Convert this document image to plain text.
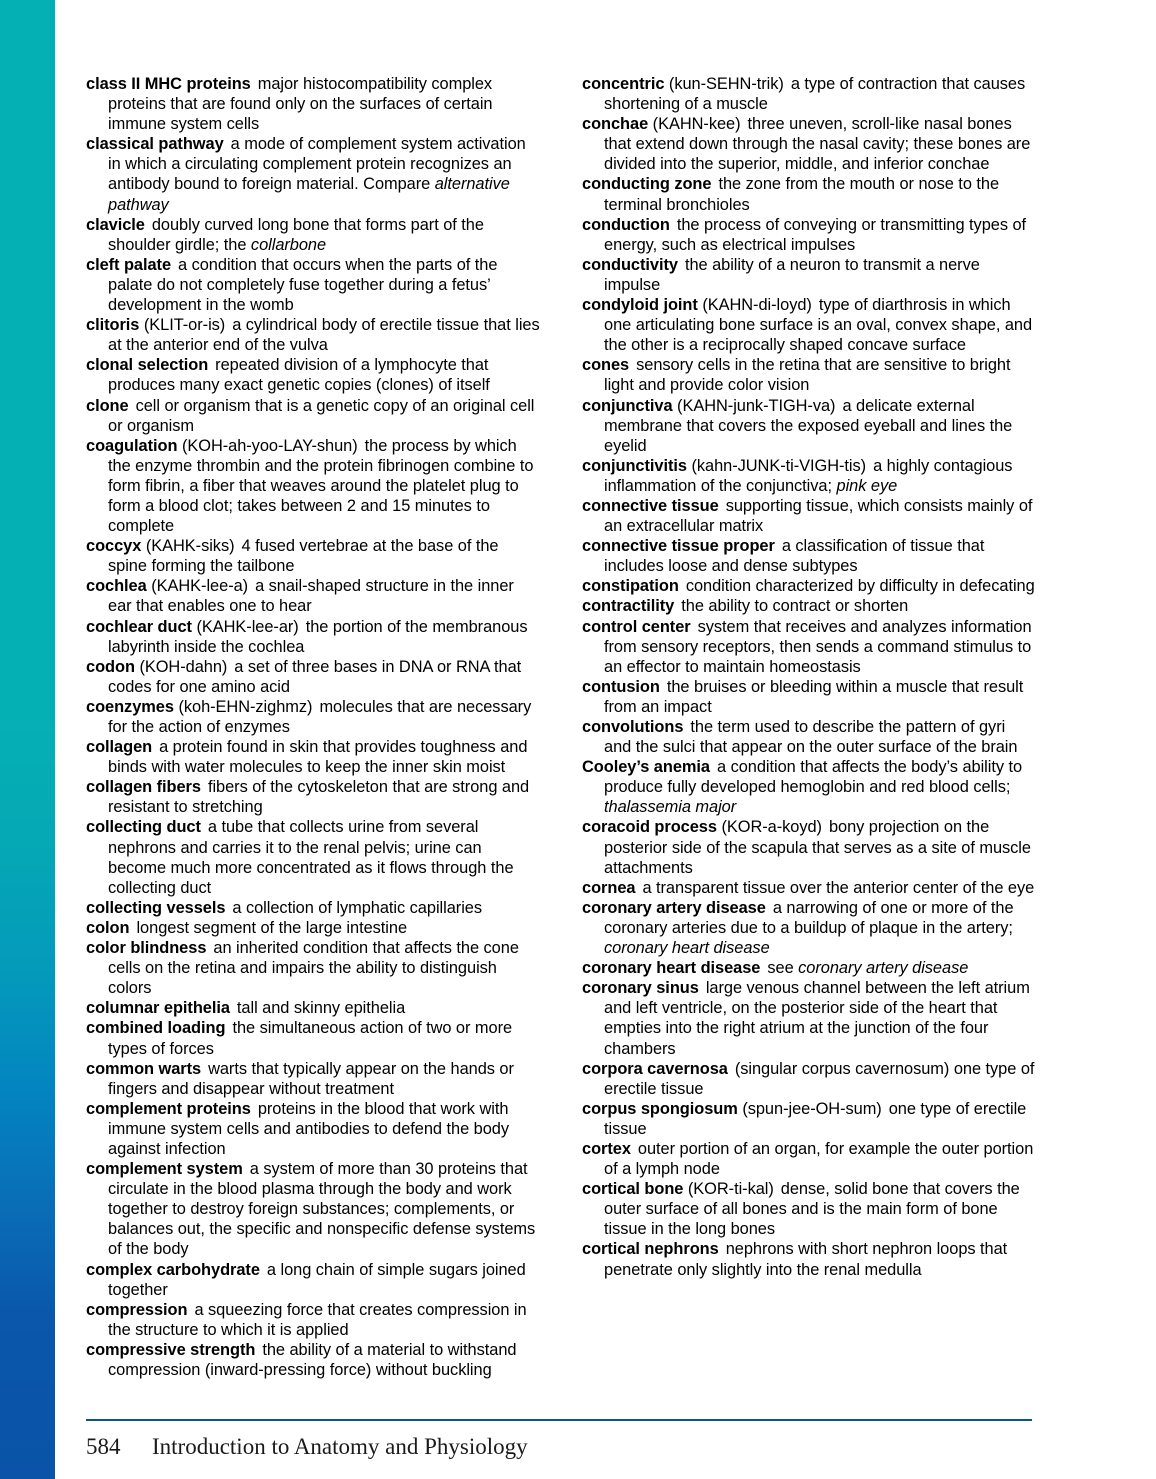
class II MHC proteins major histocompatibility complex proteins that are found only on the surfaces of certain immune system cells

classical pathway a mode of complement system activation in which a circulating complement protein recognizes an antibody bound to foreign material. Compare alternative pathway

clavicle doubly curved long bone that forms part of the shoulder girdle; the collarbone

cleft palate a condition that occurs when the parts of the palate do not completely fuse together during a fetus’ development in the womb

clitoris (KLIT-or-is) a cylindrical body of erectile tissue that lies at the anterior end of the vulva

clonal selection repeated division of a lymphocyte that produces many exact genetic copies (clones) of itself

clone cell or organism that is a genetic copy of an original cell or organism

coagulation (KOH-ah-yoo-LAY-shun) the process by which the enzyme thrombin and the protein fibrinogen combine to form fibrin, a fiber that weaves around the platelet plug to form a blood clot; takes between 2 and 15 minutes to complete

coccyx (KAHK-siks) 4 fused vertebrae at the base of the spine forming the tailbone

cochlea (KAHK-lee-a) a snail-shaped structure in the inner ear that enables one to hear

cochlear duct (KAHK-lee-ar) the portion of the membranous labyrinth inside the cochlea

codon (KOH-dahn) a set of three bases in DNA or RNA that codes for one amino acid

coenzymes (koh-EHN-zighmz) molecules that are necessary for the action of enzymes

collagen a protein found in skin that provides toughness and binds with water molecules to keep the inner skin moist

collagen fibers fibers of the cytoskeleton that are strong and resistant to stretching

collecting duct a tube that collects urine from several nephrons and carries it to the renal pelvis; urine can become much more concentrated as it flows through the collecting duct

collecting vessels a collection of lymphatic capillaries

colon longest segment of the large intestine

color blindness an inherited condition that affects the cone cells on the retina and impairs the ability to distinguish colors

columnar epithelia tall and skinny epithelia

combined loading the simultaneous action of two or more types of forces

common warts warts that typically appear on the hands or fingers and disappear without treatment

complement proteins proteins in the blood that work with immune system cells and antibodies to defend the body against infection

complement system a system of more than 30 proteins that circulate in the blood plasma through the body and work together to destroy foreign substances; complements, or balances out, the specific and nonspecific defense systems of the body

complex carbohydrate a long chain of simple sugars joined together

compression a squeezing force that creates compression in the structure to which it is applied

compressive strength the ability of a material to withstand compression (inward-pressing force) without buckling

concentric (kun-SEHN-trik) a type of contraction that causes shortening of a muscle

conchae (KAHN-kee) three uneven, scroll-like nasal bones that extend down through the nasal cavity; these bones are divided into the superior, middle, and inferior conchae

conducting zone the zone from the mouth or nose to the terminal bronchioles

conduction the process of conveying or transmitting types of energy, such as electrical impulses

conductivity the ability of a neuron to transmit a nerve impulse

condyloid joint (KAHN-di-loyd) type of diarthrosis in which one articulating bone surface is an oval, convex shape, and the other is a reciprocally shaped concave surface

cones sensory cells in the retina that are sensitive to bright light and provide color vision

conjunctiva (KAHN-junk-TIGH-va) a delicate external membrane that covers the exposed eyeball and lines the eyelid

conjunctivitis (kahn-JUNK-ti-VIGH-tis) a highly contagious inflammation of the conjunctiva; pink eye

connective tissue supporting tissue, which consists mainly of an extracellular matrix

connective tissue proper a classification of tissue that includes loose and dense subtypes

constipation condition characterized by difficulty in defecating

contractility the ability to contract or shorten

control center system that receives and analyzes information from sensory receptors, then sends a command stimulus to an effector to maintain homeostasis

contusion the bruises or bleeding within a muscle that result from an impact

convolutions the term used to describe the pattern of gyri and the sulci that appear on the outer surface of the brain

Cooley’s anemia a condition that affects the body’s ability to produce fully developed hemoglobin and red blood cells; thalassemia major

coracoid process (KOR-a-koyd) bony projection on the posterior side of the scapula that serves as a site of muscle attachments

cornea a transparent tissue over the anterior center of the eye

coronary artery disease a narrowing of one or more of the coronary arteries due to a buildup of plaque in the artery; coronary heart disease

coronary heart disease see coronary artery disease

coronary sinus large venous channel between the left atrium and left ventricle, on the posterior side of the heart that empties into the right atrium at the junction of the four chambers

corpora cavernosa (singular corpus cavernosum) one type of erectile tissue

corpus spongiosum (spun-jee-OH-sum) one type of erectile tissue

cortex outer portion of an organ, for example the outer portion of a lymph node

cortical bone (KOR-ti-kal) dense, solid bone that covers the outer surface of all bones and is the main form of bone tissue in the long bones

cortical nephrons nephrons with short nephron loops that penetrate only slightly into the renal medulla

584	Introduction to Anatomy and Physiology
